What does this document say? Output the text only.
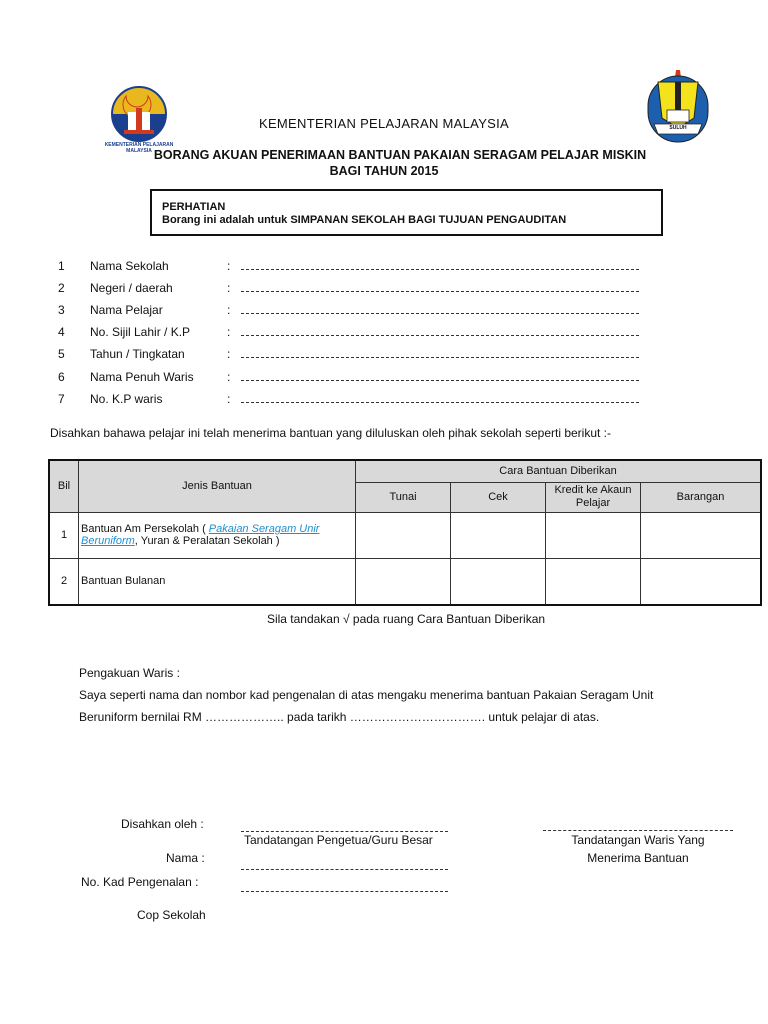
KEMENTERIAN PELAJARAN MALAYSIA
SULUH
KEMENTERIAN PELAJARAN MALAYSIA
BORANG AKUAN PENERIMAAN BANTUAN PAKAIAN SERAGAM PELAJAR MISKIN
BAGI TAHUN 2015
PERHATIAN
Borang ini adalah untuk SIMPANAN SEKOLAH BAGI TUJUAN PENGAUDITAN
1 Nama Sekolah	:
2 Negeri / daerah	:
3 Nama Pelajar	:
4 No. Sijil Lahir / K.P	:
5 Tahun / Tingkatan	:
6 Nama Penuh Waris	:
7 No. K.P waris	:
Disahkan bahawa pelajar ini telah menerima bantuan yang diluluskan oleh pihak sekolah seperti berikut :-
Bil	Jenis Bantuan	Cara Bantuan Diberikan			
		Tunai	Cek	Kredit ke Akaun Pelajar	Barangan
1	Bantuan Am Persekolah ( Pakaian Seragam Unir Beruniform, Yuran & Peralatan Sekolah )				
2	Bantuan Bulanan				
Sila tandakan √ pada ruang Cara Bantuan Diberikan
Pengakuan Waris :
Saya seperti nama dan nombor kad pengenalan di atas mengaku menerima bantuan Pakaian Seragam Unit
Beruniform bernilai RM ……………….. pada tarikh ……………………………. untuk pelajar di atas.
Disahkan oleh :
Tandatangan Pengetua/Guru Besar	Tandatangan Waris Yang
Menerima Bantuan
Nama :
No. Kad Pengenalan :
Cop Sekolah
